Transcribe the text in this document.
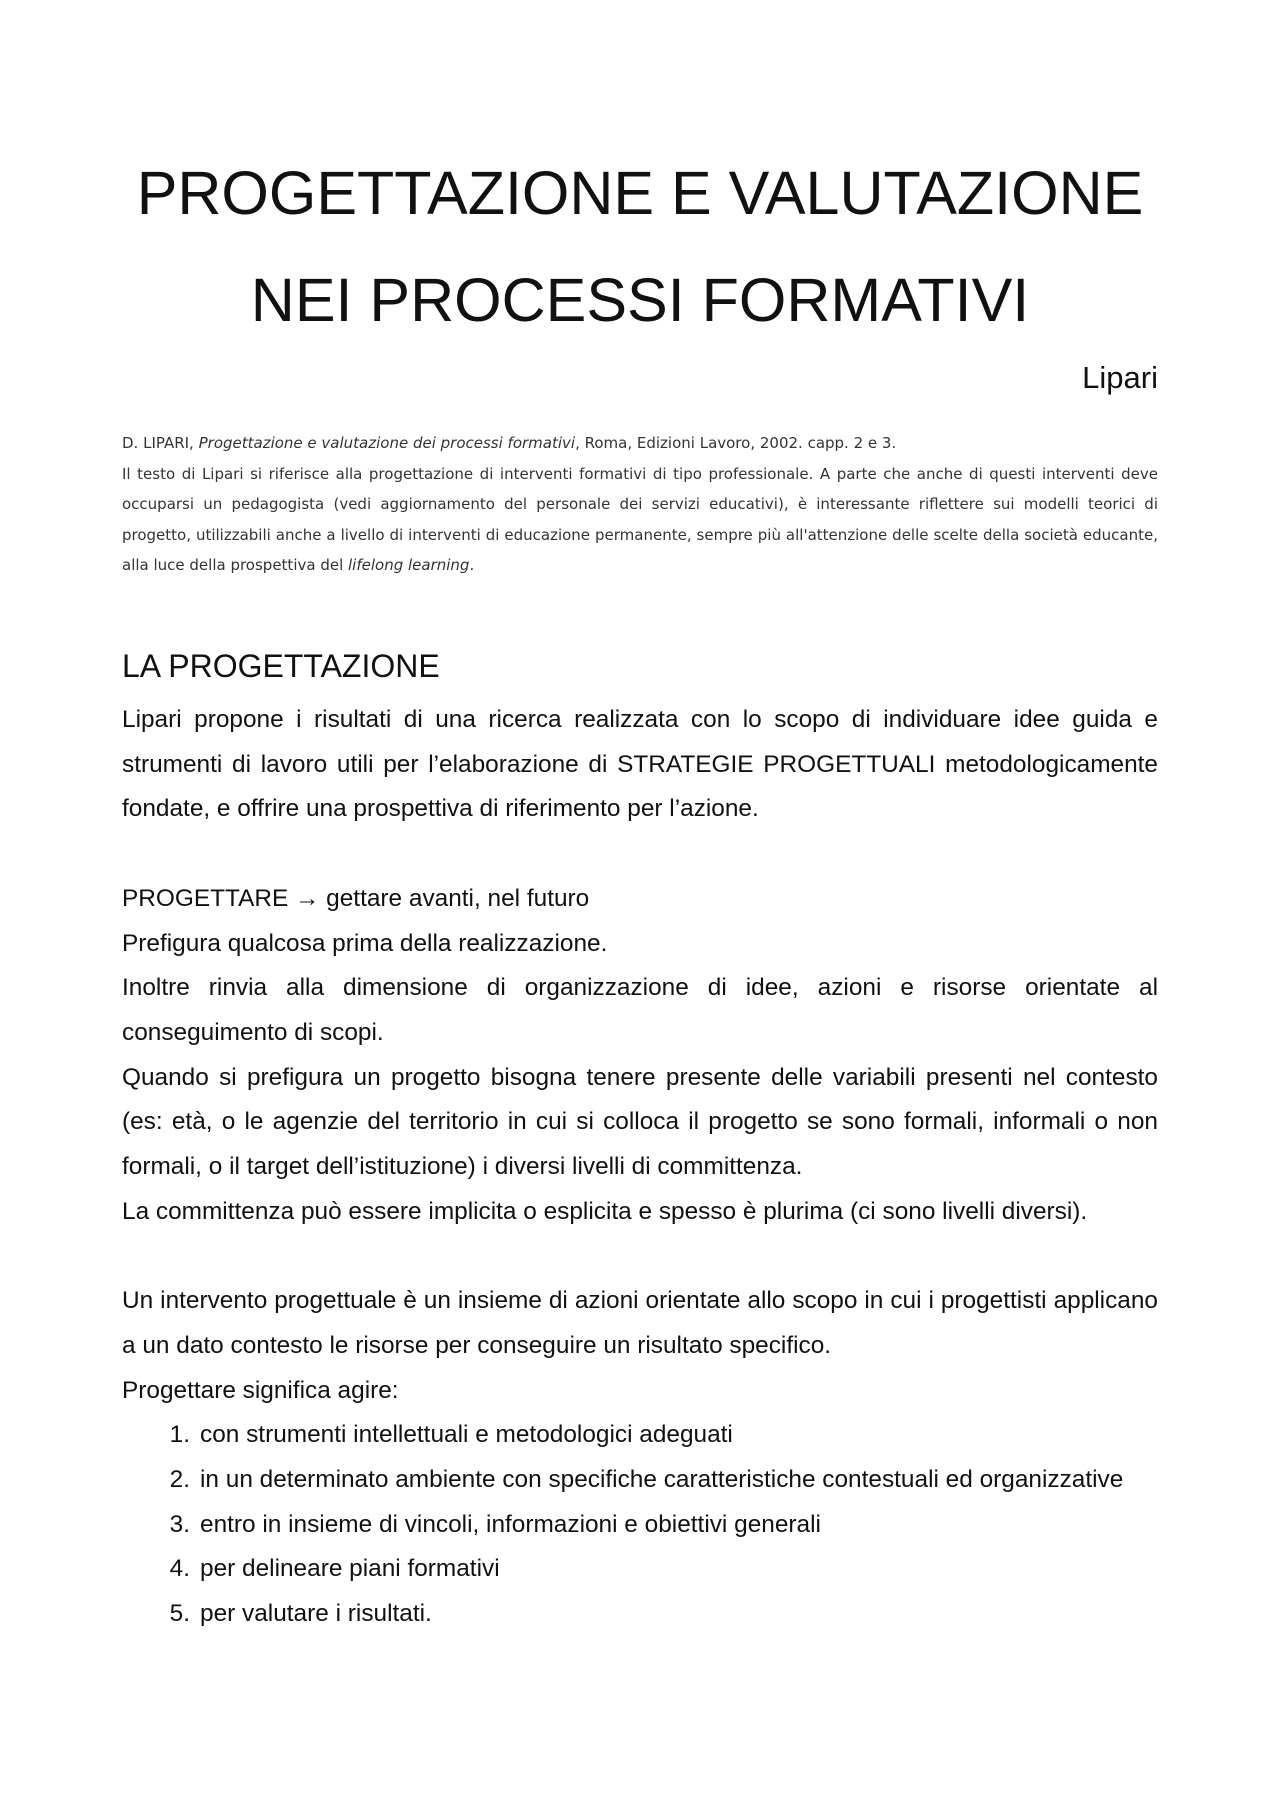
PROGETTAZIONE E VALUTAZIONE
NEI PROCESSI FORMATIVI

Lipari

D. LIPARI, Progettazione e valutazione dei processi formativi, Roma, Edizioni Lavoro, 2002. capp. 2 e 3.

Il testo di Lipari si riferisce alla progettazione di interventi formativi di tipo professionale. A parte che anche di questi interventi deve occuparsi un pedagogista (vedi aggiornamento del personale dei servizi educativi), è interessante riflettere sui modelli teorici di progetto, utilizzabili anche a livello di interventi di educazione permanente, sempre più all'attenzione delle scelte della società educante, alla luce della prospettiva del lifelong learning.

LA PROGETTAZIONE

Lipari propone i risultati di una ricerca realizzata con lo scopo di individuare idee guida e strumenti di lavoro utili per l’elaborazione di STRATEGIE PROGETTUALI metodologicamente fondate, e offrire una prospettiva di riferimento per l’azione.

PROGETTARE → gettare avanti, nel futuro

Prefigura qualcosa prima della realizzazione.

Inoltre rinvia alla dimensione di organizzazione di idee, azioni e risorse orientate al conseguimento di scopi.

Quando si prefigura un progetto bisogna tenere presente delle variabili presenti nel contesto (es: età, o le agenzie del territorio in cui si colloca il progetto se sono formali, informali o non formali, o il target dell’istituzione) i diversi livelli di committenza.

La committenza può essere implicita o esplicita e spesso è plurima (ci sono livelli diversi).

Un intervento progettuale è un insieme di azioni orientate allo scopo in cui i progettisti applicano a un dato contesto le risorse per conseguire un risultato specifico.

Progettare significa agire:

1. con strumenti intellettuali e metodologici adeguati
2. in un determinato ambiente con specifiche caratteristiche contestuali ed organizzative
3. entro in insieme di vincoli, informazioni e obiettivi generali
4. per delineare piani formativi
5. per valutare i risultati.
